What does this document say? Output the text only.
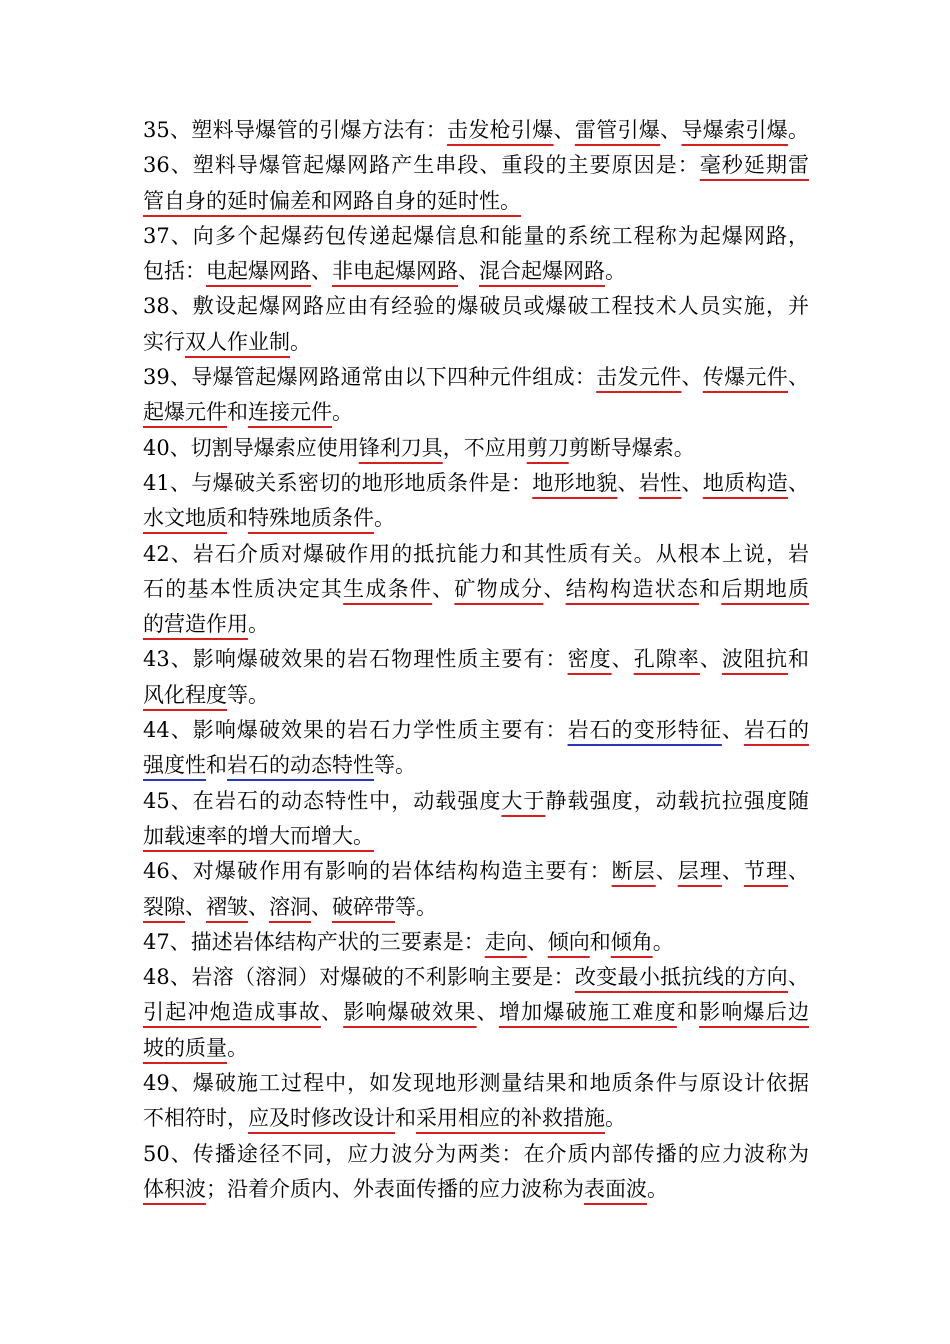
35、塑料导爆管的引爆方法有：击发枪引爆、雷管引爆、导爆索引爆。
36、塑料导爆管起爆网路产生串段、重段的主要原因是：毫秒延期雷
管自身的延时偏差和网路自身的延时性。
37、向多个起爆药包传递起爆信息和能量的系统工程称为起爆网路，
包括：电起爆网路、非电起爆网路、混合起爆网路。
38、敷设起爆网路应由有经验的爆破员或爆破工程技术人员实施，并
实行双人作业制。
39、导爆管起爆网路通常由以下四种元件组成：击发元件、传爆元件、
起爆元件和连接元件。
40、切割导爆索应使用锋利刀具，不应用剪刀剪断导爆索。
41、与爆破关系密切的地形地质条件是：地形地貌、岩性、地质构造、
水文地质和特殊地质条件。
42、岩石介质对爆破作用的抵抗能力和其性质有关。从根本上说，岩
石的基本性质决定其生成条件、矿物成分、结构构造状态和后期地质
的营造作用。
43、影响爆破效果的岩石物理性质主要有：密度、孔隙率、波阻抗和
风化程度等。
44、影响爆破效果的岩石力学性质主要有：岩石的变形特征、岩石的
强度性和岩石的动态特性等。
45、在岩石的动态特性中，动载强度大于静载强度，动载抗拉强度随
加载速率的增大而增大。
46、对爆破作用有影响的岩体结构构造主要有：断层、层理、节理、
裂隙、褶皱、溶洞、破碎带等。
47、描述岩体结构产状的三要素是：走向、倾向和倾角。
48、岩溶（溶洞）对爆破的不利影响主要是：改变最小抵抗线的方向、
引起冲炮造成事故、影响爆破效果、增加爆破施工难度和影响爆后边
坡的质量。
49、爆破施工过程中，如发现地形测量结果和地质条件与原设计依据
不相符时，应及时修改设计和采用相应的补救措施。
50、传播途径不同，应力波分为两类：在介质内部传播的应力波称为
体积波；沿着介质内、外表面传播的应力波称为表面波。
